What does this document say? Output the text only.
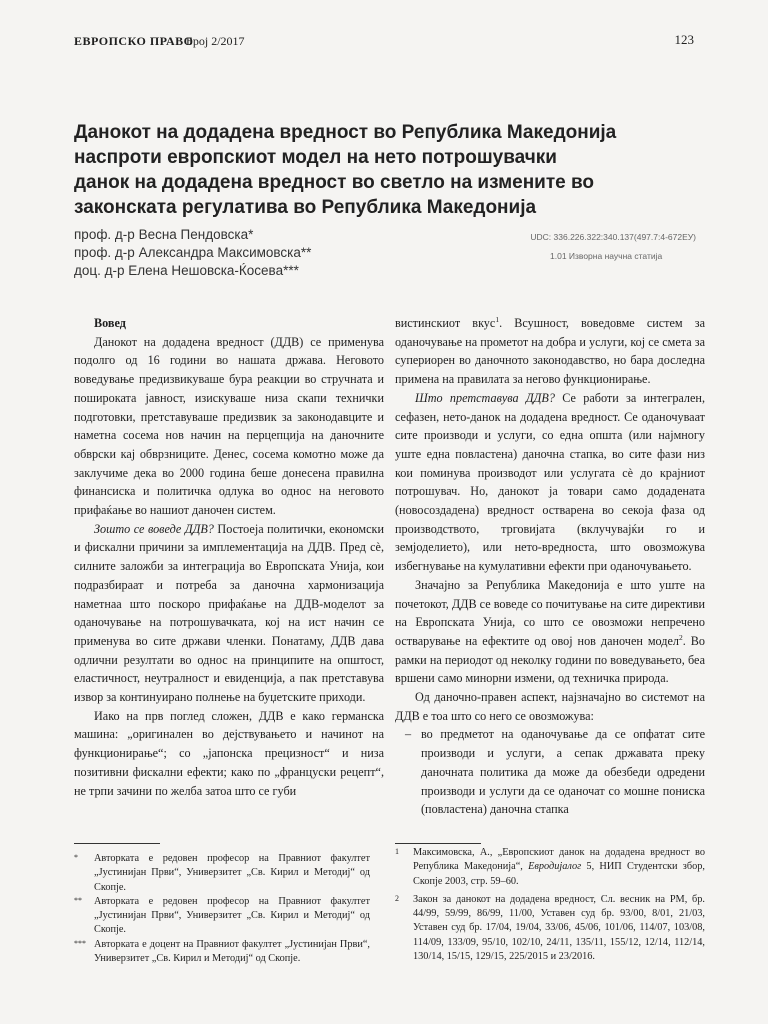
ЕВРОПСКО ПРАВО
Број 2/2017	123
Данокот на додадена вредност во Република Македонија
наспроти европскиот модел на нето потрошувачки
данок на додадена вредност во светло на измените во
законската регулатива во Република Македонија
проф. д-р Весна Пендовска*
проф. д-р Александра Максимовска**
доц. д-р Елена Нешовска-Ќосева***
UDC: 336.226.322:340.137(497.7:4-672ЕУ)
1.01 Изворна научна статија

Вовед

Данокот на додадена вредност (ДДВ) се применува подолго од 16 години во нашата држава. Неговото воведување предизвикуваше бура реакции во стручната и пошироката јавност, изискуваше низа скапи технички подготовки, претставуваше предизвик за законодавците и наметна сосема нов начин на перцепција на даночните обврски кај обврзниците. Денес, сосема комотно може да заклучиме дека во 2000 година беше донесена правилна финансиска и политичка одлука во однос на неговото прифаќање во нашиот даночен систем.

Зошто се воведе ДДВ? Постоеја политички, економски и фискални причини за имплементација на ДДВ. Пред сè, силните заложби за интеграција во Европската Унија, кои подразбираат и потреба за даночна хармонизација наметнаа што поскоро прифаќање на ДДВ-моделот за оданочување на потрошувачката, кој на ист начин се применува во сите држави членки. Понатаму, ДДВ дава одлични резултати во однос на принципите на општост, еластичност, неутралност и евиденција, а пак претставува извор за континуирано полнење на буџетските приходи.

Иако на прв поглед сложен, ДДВ е како германска машина: „оригинален во дејствувањето и начинот на функционирање“; со „јапонска прецизност“ и низа позитивни фискални ефекти; како по „француски рецепт“, не трпи зачини по желба затоа што се губи

вистинскиот вкус$^1$. Всушност, воведовме систем за оданочување на прометот на добра и услуги, кој се смета за супериорен во даночното законодавство, но бара доследна примена на правилата за негово функционирање.

Што претставува ДДВ? Се работи за интегрален, сефазен, нето-данок на додадена вредност. Се оданочуваат сите производи и услуги, со една општа (или најмногу уште една повластена) даночна стапка, во сите фази низ кои поминува производот или услугата сè до крајниот потрошувач. Но, данокот ја товари само додадената (новосоздадена) вредност остварена во секоја фаза од производството, трговијата (вклучувајќи го и земјоделието), или нето-вредноста, што овозможува избегнување на кумулативни ефекти при оданочувањето.

Значајно за Република Македонија е што уште на почетокот, ДДВ се воведе со почитување на сите директиви на Европската Унија, со што се овозможи непречено остварување на ефектите од овој нов даночен модел$^2$. Во рамки на периодот од неколку години по воведувањето, беа вршени само минорни измени, од техничка природа.

Од даночно-правен аспект, најзначајно во системот на ДДВ е тоа што со него се овозможува:

– во предметот на оданочување да се опфатат сите производи и услуги, а сепак државата преку даночната политика да може да обезбеди одредени производи и услуги да се оданочат со мошне пониска (повластена) даночна стапка
*	Авторката е редовен професор на Правниот факултет „Јустинијан Први“, Универзитет „Св. Кирил и Методиј“ од Скопје.
**	Авторката е редовен професор на Правниот факултет „Јустинијан Први“, Универзитет „Св. Кирил и Методиј“ од Скопје.
*** Авторката е доцент на Правниот факултет „Јустинијан Први“, Универзитет „Св. Кирил и Методиј“ од Скопје.
1	Максимовска, А., „Европскиот данок на додадена вредност во Република Македонија“, Евродијалог 5, НИП Студентски збор, Скопје 2003, стр. 59–60.
2	Закон за данокот на додадена вредност, Сл. весник на РМ, бр. 44/99, 59/99, 86/99, 11/00, Устaвен суд бр. 93/00, 8/01, 21/03, Устaвен суд бр. 17/04, 19/04, 33/06, 45/06, 101/06, 114/07, 103/08, 114/09, 133/09, 95/10, 102/10, 24/11, 135/11, 155/12, 12/14, 112/14, 130/14, 15/15, 129/15, 225/2015 и 23/2016.
